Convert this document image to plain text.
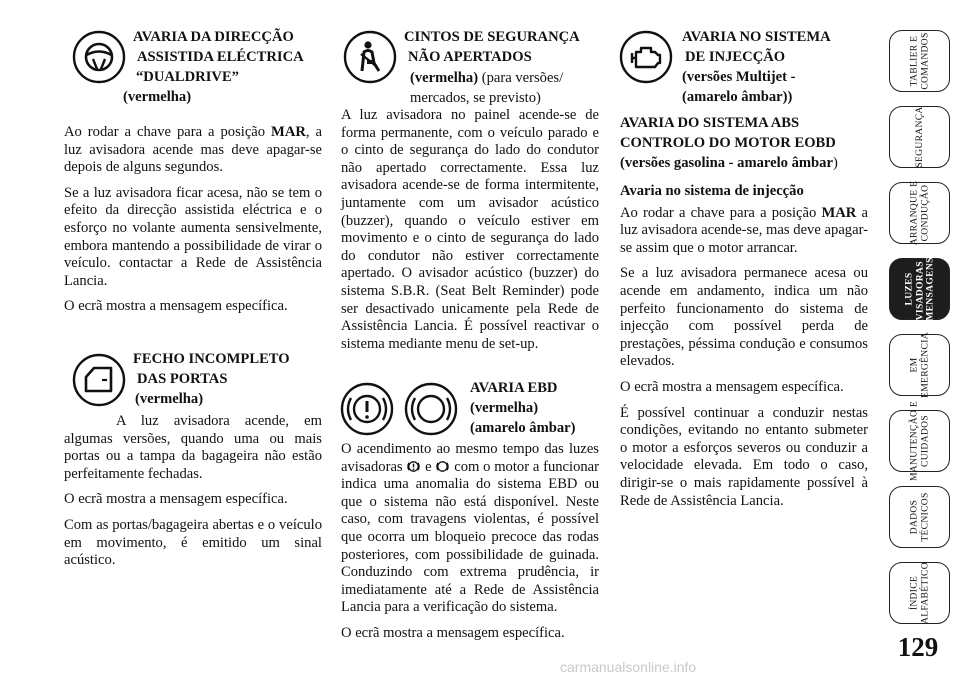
AVARIA DA DIRECÇÃO
ASSISTIDA ELÉCTRICA
“DUALDRIVE”
(vermelha)

Ao rodar a chave para a posição MAR, a luz avisadora acende mas deve apagar-se depois de alguns segundos.

Se a luz avisadora ficar acesa, não se tem o efeito da direcção assistida eléctrica e o esforço no volante aumenta sensivelmente, embora mantendo a possibilidade de virar o veículo. contactar a Rede de Assistência Lancia.

O ecrã mostra a mensagem específica.

FECHO INCOMPLETO
DAS PORTAS
(vermelha)

A luz avisadora acende, em algumas versões, quando uma ou mais portas ou a tampa da bagageira não estão perfeitamente fechadas.

O ecrã mostra a mensagem específica.

Com as portas/bagageira abertas e o veículo em movimento, é emitido um sinal acústico.

CINTOS DE SEGURANÇA
NÃO APERTADOS
(vermelha) (para versões/
mercados, se previsto)

A luz avisadora no painel acende-se de forma permanente, com o veículo parado e o cinto de segurança do lado do condutor não apertado correctamente. Essa luz avisadora acende-se de forma intermitente, juntamente com um avisador acústico (buzzer), quando o veículo estiver em movimento e o cinto de segurança do lado do condutor não estiver correctamente apertado. O avisador acústico (buzzer) do sistema S.B.R. (Seat Belt Reminder) pode ser desactivado unicamente pela Rede de Assistência Lancia. É possível reactivar o sistema mediante menu de set-up.

AVARIA EBD
(vermelha)
(amarelo âmbar)

O acendimento ao mesmo tempo das luzes avisadoras  e  com o motor a funcionar indica uma anomalia do sistema EBD ou que o sistema não está disponível. Neste caso, com travagens violentas, é possível que ocorra um bloqueio precoce das rodas posteriores, com possibilidade de guinada. Conduzindo com extrema prudência, ir imediatamente até a Rede de Assistência Lancia para a verificação do sistema.

O ecrã mostra a mensagem específica.

AVARIA NO SISTEMA
DE INJECÇÃO
(versões Multijet -
(amarelo âmbar))

AVARIA DO SISTEMA ABS CONTROLO DO MOTOR EOBD

(versões gasolina - amarelo âmbar)

Avaria no sistema de injecção

Ao rodar a chave para a posição MAR a luz avisadora acende-se, mas deve apagar-se assim que o motor arrancar.

Se a luz avisadora permanece acesa ou acende em andamento, indica um não perfeito funcionamento do sistema de injecção com possível perda de prestações, péssima condução e consumos elevados.

O ecrã mostra a mensagem específica.

É possível continuar a conduzir nestas condições, evitando no entanto submeter o motor a esforços severos ou conduzir a velocidade elevada. Em todo o caso, dirigir-se o mais rapidamente possível à Rede de Assistência Lancia.

TABLIER E COMANDOS
SEGURANÇA
ARRANQUE E CONDUÇÃO
LUZES AVISADORAS E MENSAGENS
EM EMERGÊNCIA
MANUTENÇÃO E CUIDADOS
DADOS TÉCNICOS
ÍNDICE ALFABÉTICO
129
carmanualsonline.info
